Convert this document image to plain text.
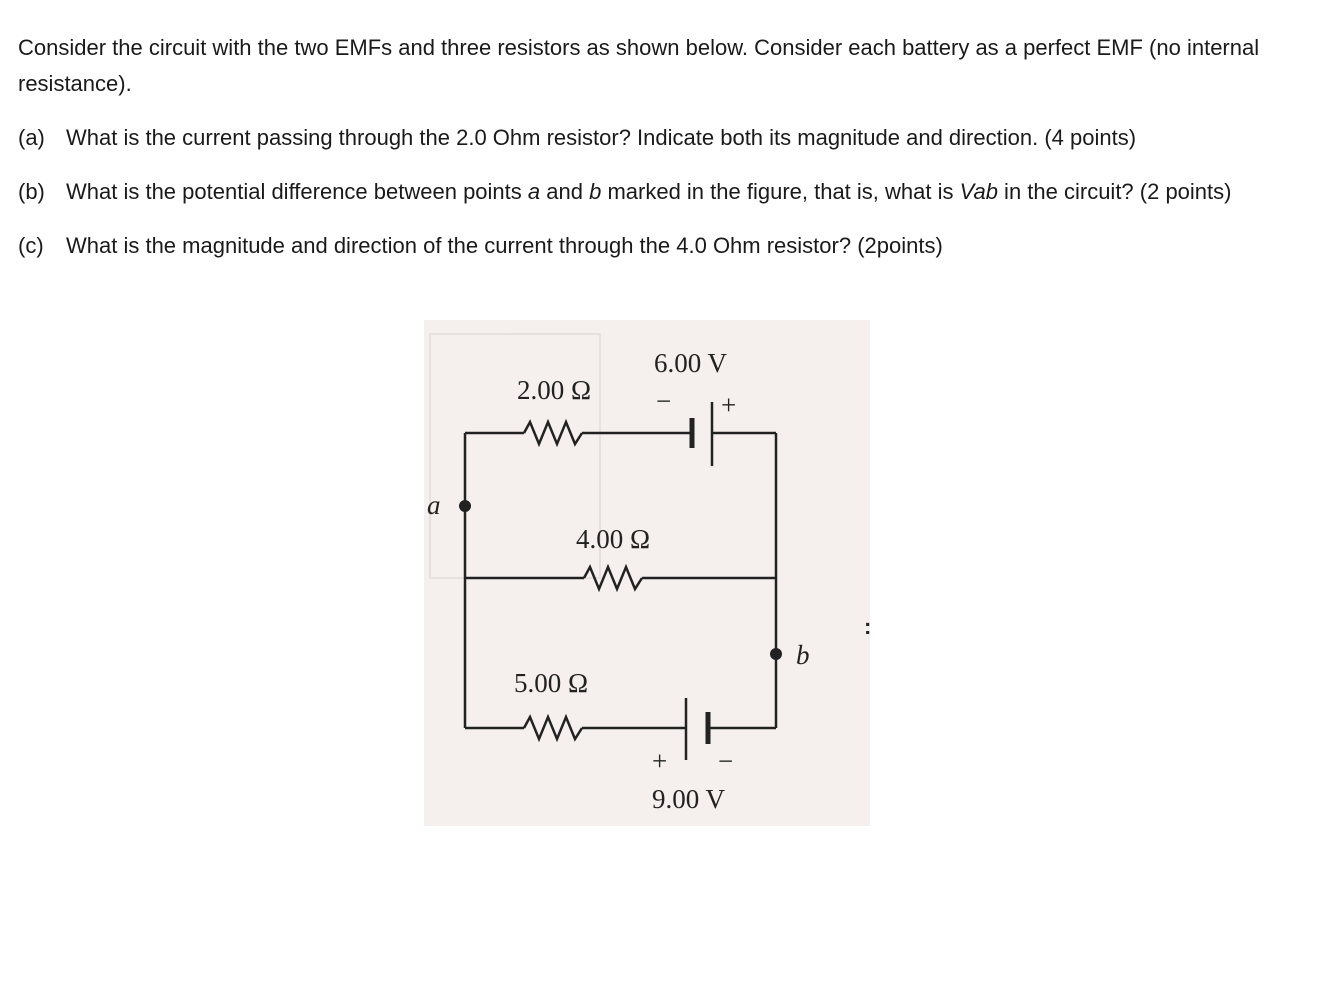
Consider the circuit with the two EMFs and three resistors as shown below. Consider each battery as a perfect EMF (no internal resistance).

(a) What is the current passing through the 2.0 Ohm resistor? Indicate both its magnitude and direction. (4 points)

(b) What is the potential difference between points a and b marked in the figure, that is, what is Vab in the circuit? (2 points)

(c) What is the magnitude and direction of the current through the 4.0 Ohm resistor? (2points)

2.00 Ω
6.00 V
− +
4.00 Ω
a
b
5.00 Ω
+ −
9.00 V
:
